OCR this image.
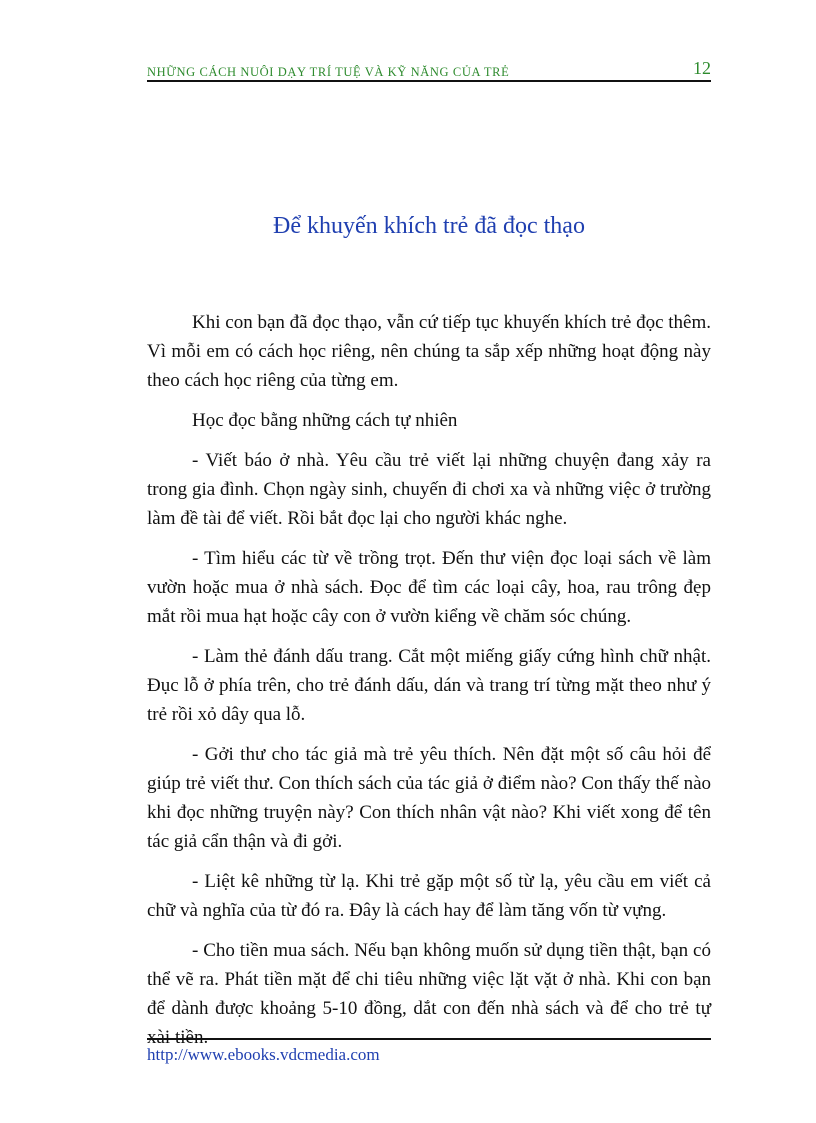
NHỮNG CÁCH NUÔI DẠY TRÍ TUỆ VÀ KỸ NĂNG CỦA TRẺ	12
Để khuyến khích trẻ đã đọc thạo

Khi con bạn đã đọc thạo, vẫn cứ tiếp tục khuyến khích trẻ đọc thêm. Vì mỗi em có cách học riêng, nên chúng ta sắp xếp những hoạt động này theo cách học riêng của từng em.

Học đọc bằng những cách tự nhiên

- Viết báo ở nhà. Yêu cầu trẻ viết lại những chuyện đang xảy ra trong gia đình. Chọn ngày sinh, chuyến đi chơi xa và những việc ở trường làm đề tài để viết. Rồi bắt đọc lại cho người khác nghe.

- Tìm hiểu các từ về trồng trọt. Đến thư viện đọc loại sách về làm vườn hoặc mua ở nhà sách. Đọc để tìm các loại cây, hoa, rau trông đẹp mắt rồi mua hạt hoặc cây con ở vườn kiểng về chăm sóc chúng.

- Làm thẻ đánh dấu trang. Cắt một miếng giấy cứng hình chữ nhật. Đục lỗ ở phía trên, cho trẻ đánh dấu, dán và trang trí từng mặt theo như ý trẻ rồi xỏ dây qua lỗ.

- Gởi thư cho tác giả mà trẻ yêu thích. Nên đặt một số câu hỏi để giúp trẻ viết thư. Con thích sách của tác giả ở điểm nào? Con thấy thế nào khi đọc những truyện này? Con thích nhân vật nào? Khi viết xong để tên tác giả cẩn thận và đi gởi.

- Liệt kê những từ lạ. Khi trẻ gặp một số từ lạ, yêu cầu em viết cả chữ và nghĩa của từ đó ra. Đây là cách hay để làm tăng vốn từ vựng.

- Cho tiền mua sách. Nếu bạn không muốn sử dụng tiền thật, bạn có thể vẽ ra. Phát tiền mặt để chi tiêu những việc lặt vặt ở nhà. Khi con bạn để dành được khoảng 5-10 đồng, dắt con đến nhà sách và để cho trẻ tự xài tiền.

http://www.ebooks.vdcmedia.com
